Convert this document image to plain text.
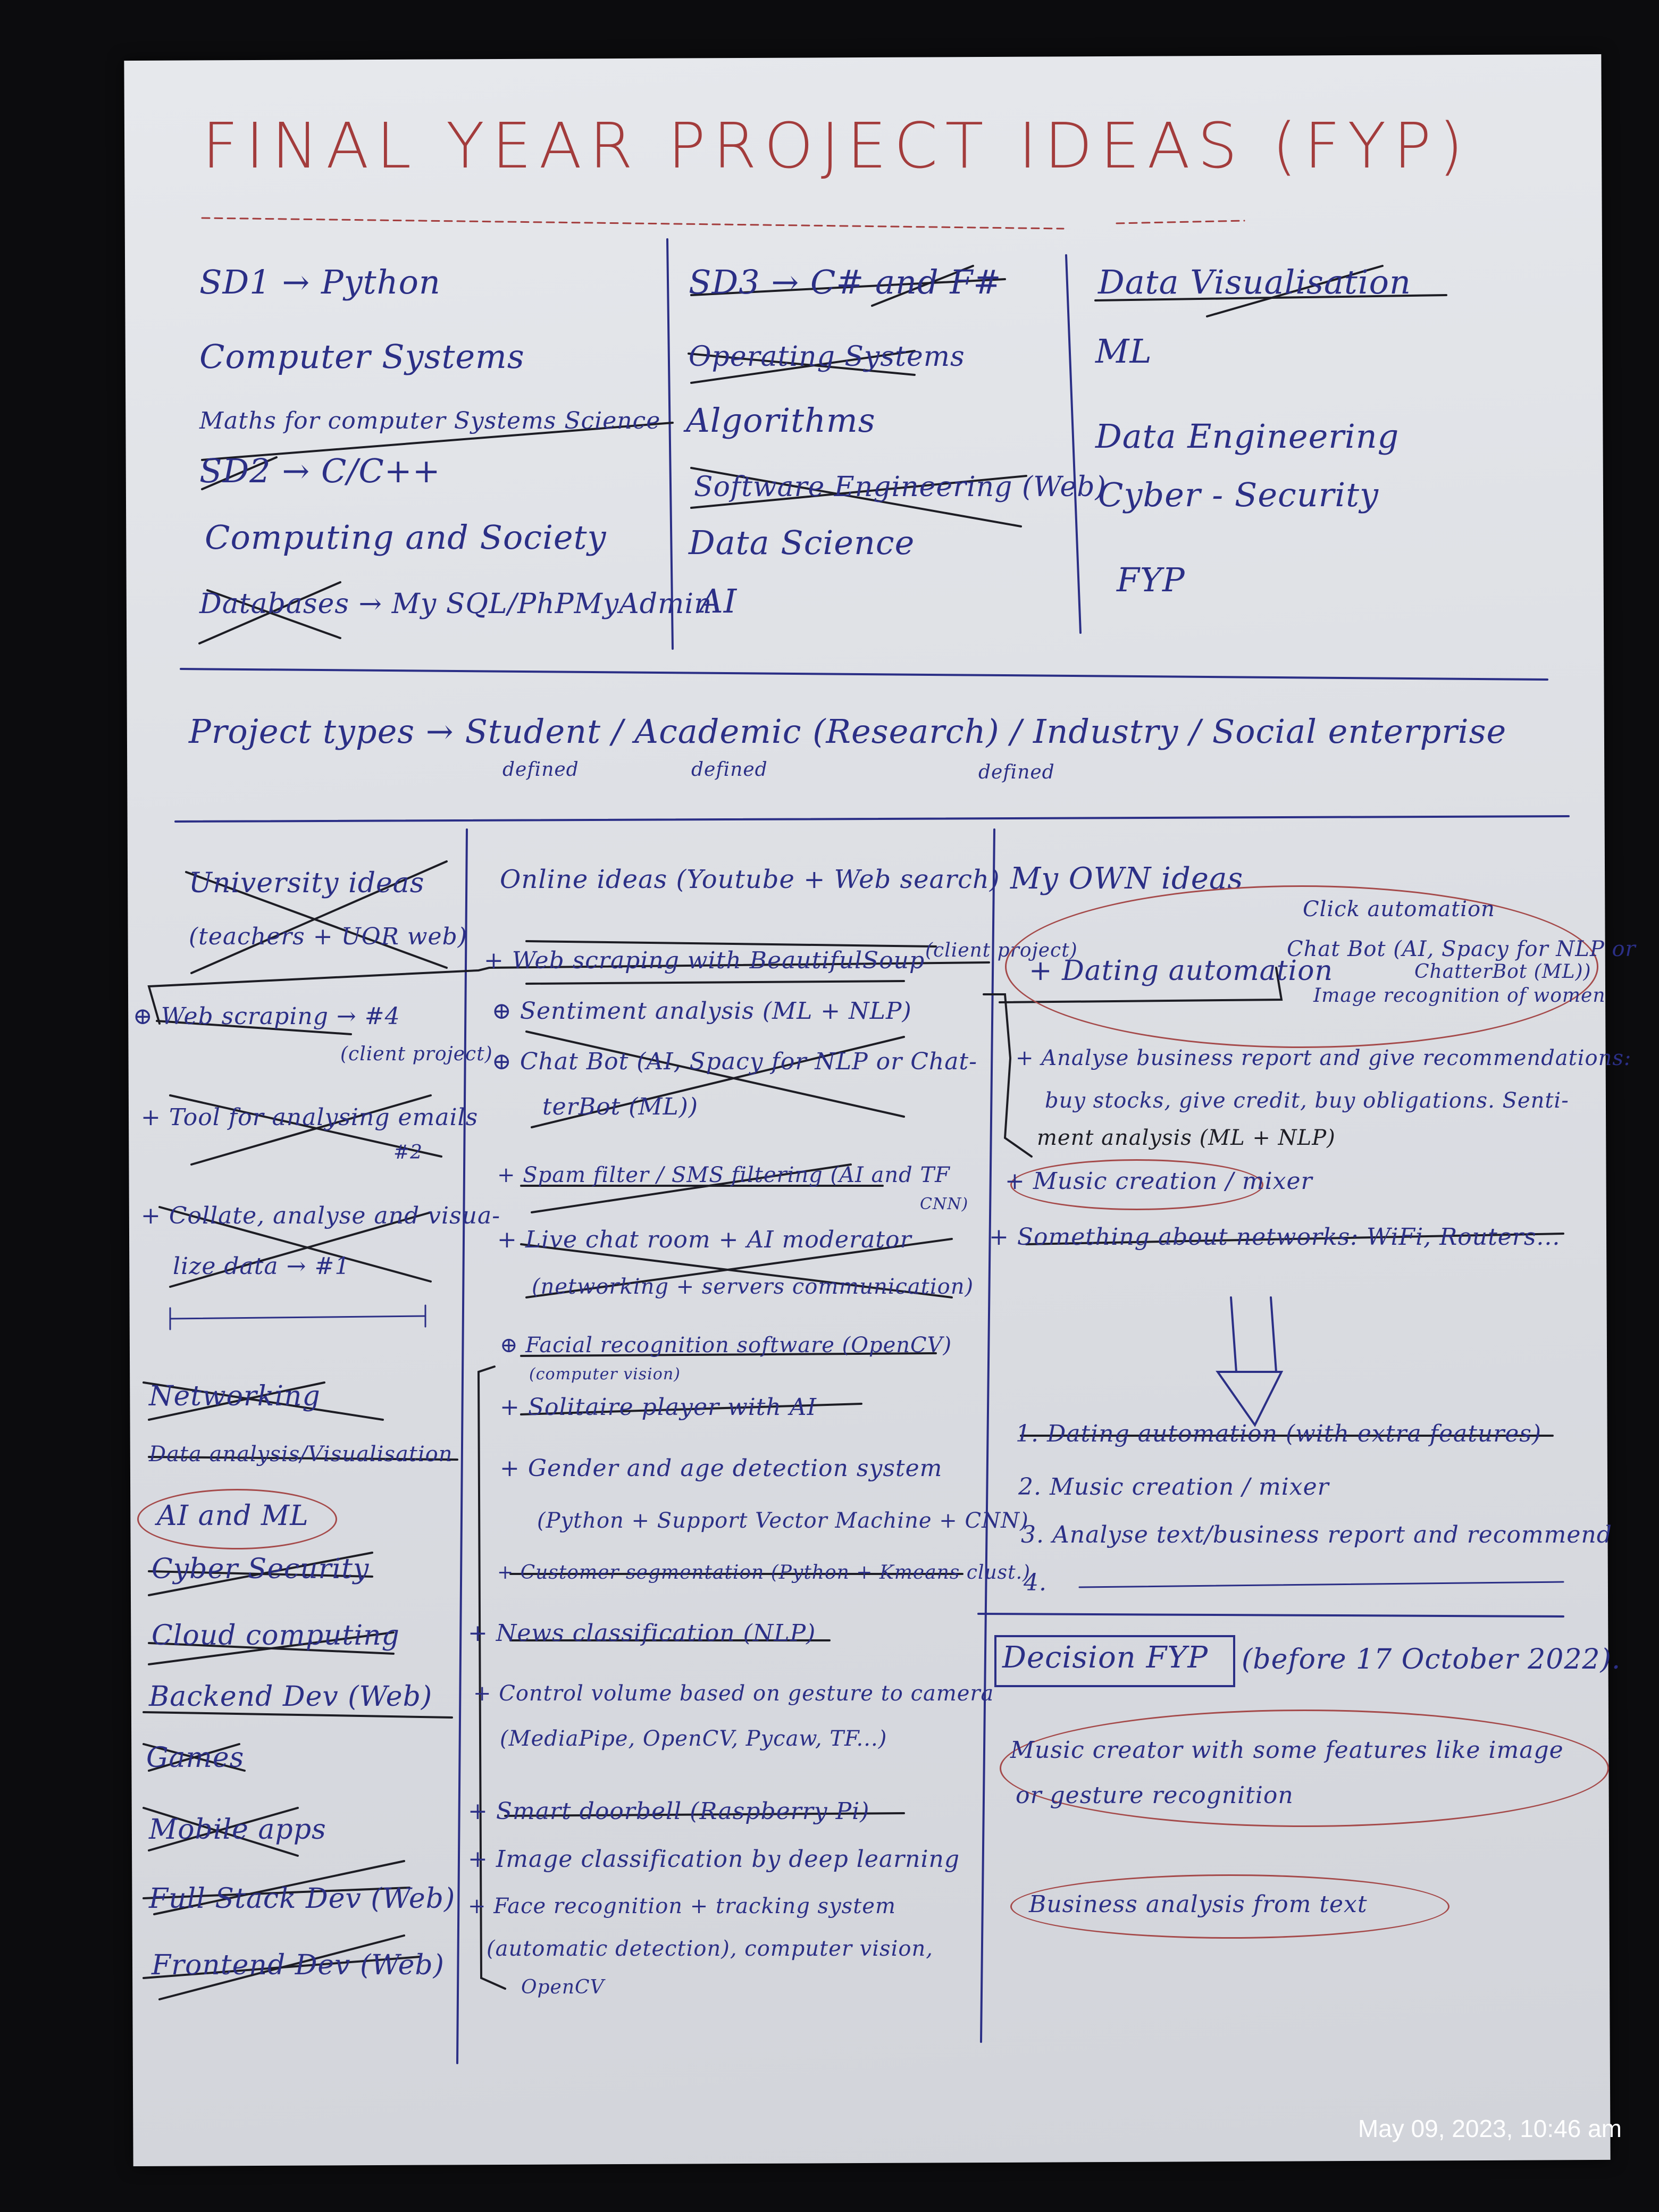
FINAL YEAR PROJECT IDEAS (FYP)
SD1 → Python
Computer Systems
Maths for computer Systems Science
SD2 → C/C++
Computing and Society
Databases → My SQL/PhPMyAdmin
SD3 → C# and F#
Operating Systems
Algorithms
Software Engineering (Web)
Data Science
AI
Data Visualisation
ML
Data Engineering
Cyber - Security
FYP
Project types → Student / Academic (Research) / Industry / Social enterprise
defined	defined	defined
University ideas
(teachers + UOR web)
⊕ Web scraping → #4
(client project)
+ Tool for analysing emails
#2
+ Collate, analyse and visua-
lize data → #1
Networking
Data analysis/Visualisation
AI and ML
Cyber Security
Cloud computing
Backend Dev (Web)
Games
Mobile apps
Full Stack Dev (Web)
Frontend Dev (Web)
Online ideas (Youtube + Web search)
+ Web scraping with BeautifulSoup (client project)
⊕ Sentiment analysis (ML + NLP)
⊕ Chat Bot (AI, Spacy for NLP or Chat-
terBot (ML))
+ Spam filter / SMS filtering (AI and TF
CNN)
+ Live chat room + AI moderator
(networking + servers communication)
⊕ Facial recognition software (OpenCV)
(computer vision)
+ Solitaire player with AI
+ Gender and age detection system
(Python + Support Vector Machine + CNN)
+ Customer segmentation (Python + Kmeans clust.)
+ News classification (NLP)
+ Control volume based on gesture to camera
(MediaPipe, OpenCV, Pycaw, TF...)
+ Smart doorbell (Raspberry Pi)
+ Image classification by deep learning
+ Face recognition + tracking system
(automatic detection), computer vision,
OpenCV
My OWN ideas
+ Dating automation
Click automation
Chat Bot (AI, Spacy for NLP or
ChatterBot (ML))
Image recognition of women
+ Analyse business report and give recommendations:
buy stocks, give credit, buy obligations. Senti-
ment analysis (ML + NLP)
+ Music creation / mixer
+ Something about networks: WiFi, Routers...
1. Dating automation (with extra features)
2. Music creation / mixer
3. Analyse text/business report and recommend
4.
Decision FYP (before 17 October 2022).
Music creator with some features like image
or gesture recognition
Business analysis from text
May 09, 2023, 10:46 am
